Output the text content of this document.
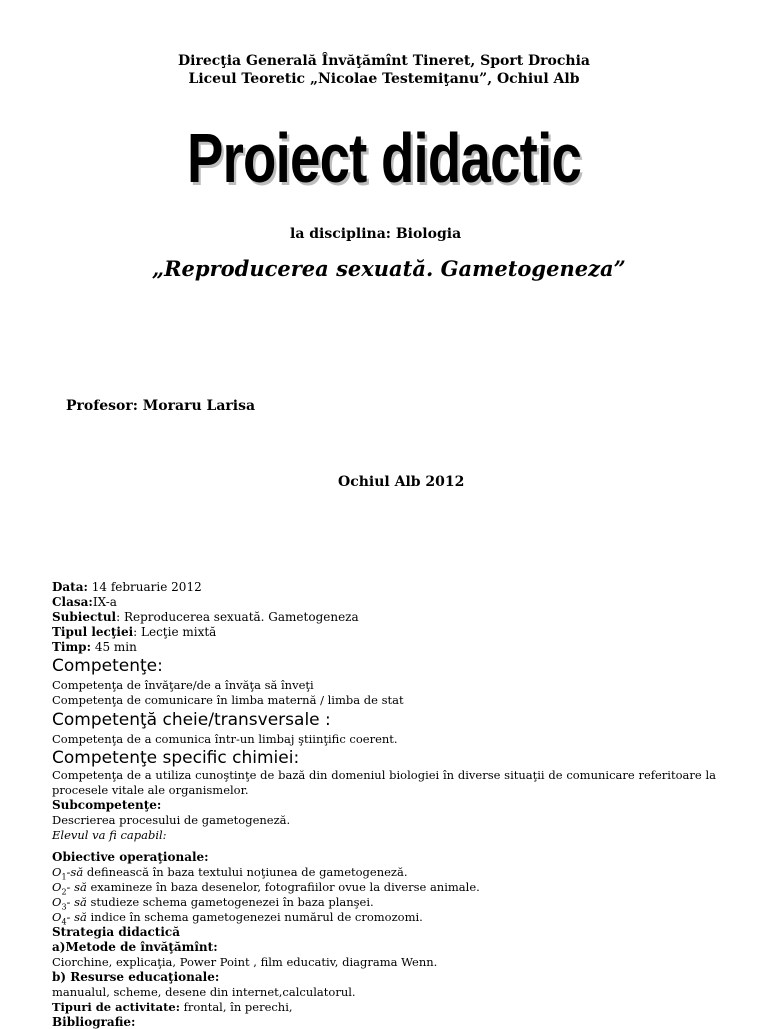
Direcţia Generală Învăţămînt Tineret, Sport Drochia
Liceul Teoretic „Nicolae Testemiţanu”, Ochiul Alb
Proiect didactic
la disciplina: Biologia
„Reproducerea sexuată. Gametogeneza”
Profesor: Moraru Larisa
Ochiul Alb 2012
Data: 14 februarie 2012
Clasa:IX-a
Subiectul: Reproducerea sexuată. Gametogeneza
Tipul lecţiei: Lecţie mixtă
Timp: 45 min
Competenţe:
Competenţa de învăţare/de a învăţa să înveţi
Competenţa de comunicare în limba maternă / limba de stat
Competenţă cheie/transversale :
Competenţa de a comunica într-un limbaj ştiinţific coerent.
Competenţe specific chimiei:
Competenţa de a utiliza cunoştinţe de bază din domeniul biologiei în diverse situaţii de comunicare referitoare la procesele vitale ale organismelor.
Subcompetenţe:
Descrierea procesului de gametogeneză.
Elevul va fi capabil:
Obiective operaţionale:
$O_1-să$ definească în baza textului noţiunea de gametogeneză.
$O_2-$ să examineze în baza desenelor, fotografiilor ovue la diverse animale.
$O_3-$ să studieze schema gametogenezei în baza planşei.
$O_4-$ să indice în schema gametogenezei numărul de cromozomi.
Strategia didactică
a)Metode de învăţămînt:
Ciorchine, explicaţia, Power Point , film educativ, diagrama Wenn.
b) Resurse educaţionale:
manualul, scheme, desene din internet,calculatorul.
Tipuri de activitate: frontal, în perechi,
Bibliografie:
